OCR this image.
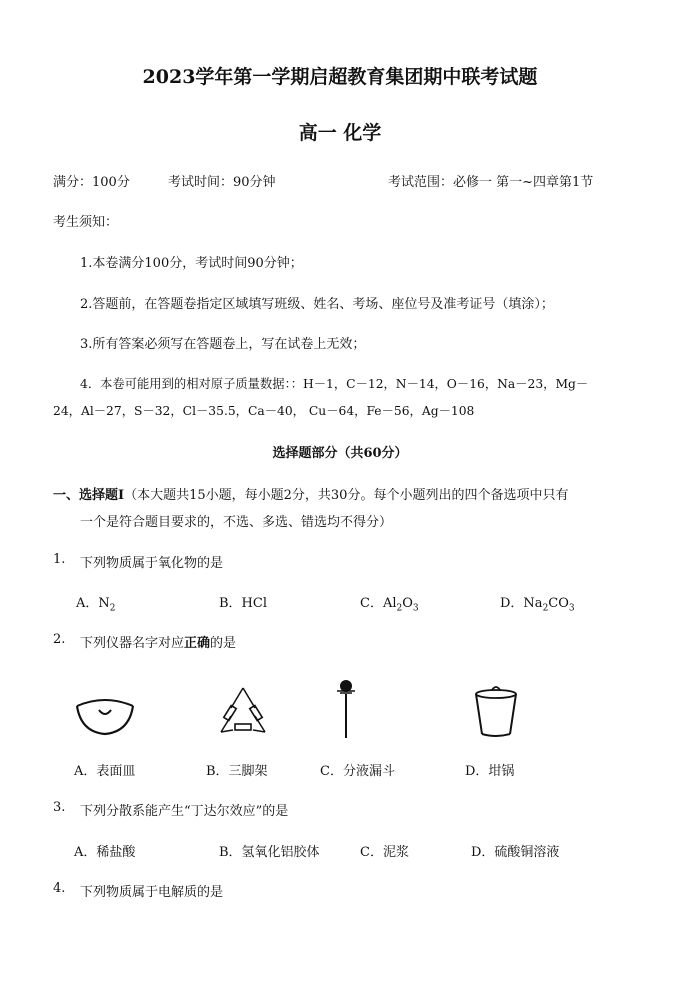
2023学年第一学期启超教育集团期中联考试题
高一 化学
满分：100分	考试时间：90分钟	考试范围：必修一 第一~四章第1节
考生须知：
1.本卷满分100分，考试时间90分钟；
2.答题前，在答题卷指定区域填写班级、姓名、考场、座位号及准考证号（填涂）；
3.所有答案必须写在答题卷上，写在试卷上无效；
4．本卷可能用到的相对原子质量数据：：H－1，C－12，N－14，O－16，Na－23，Mg－
24，Al－27，S－32，Cl－35.5，Ca－40， Cu－64，Fe－56，Ag－108
选择题部分（共60分）
一、选择题Ⅰ（本大题共15小题，每小题2分，共30分。每个小题列出的四个备选项中只有
一个是符合题目要求的，不选、多选、错选均不得分）
1. 下列物质属于氧化物的是
A．$N_2$	B．HCl	C．$Al_2O_3$	D．$Na_2CO_3$
2. 下列仪器名字对应正确的是
A．表面皿	B．三脚架	C．分液漏斗	D．坩锅
3. 下列分散系能产生“丁达尔效应”的是
A．稀盐酸	B．氢氧化铝胶体	C．泥浆	D．硫酸铜溶液
4. 下列物质属于电解质的是
